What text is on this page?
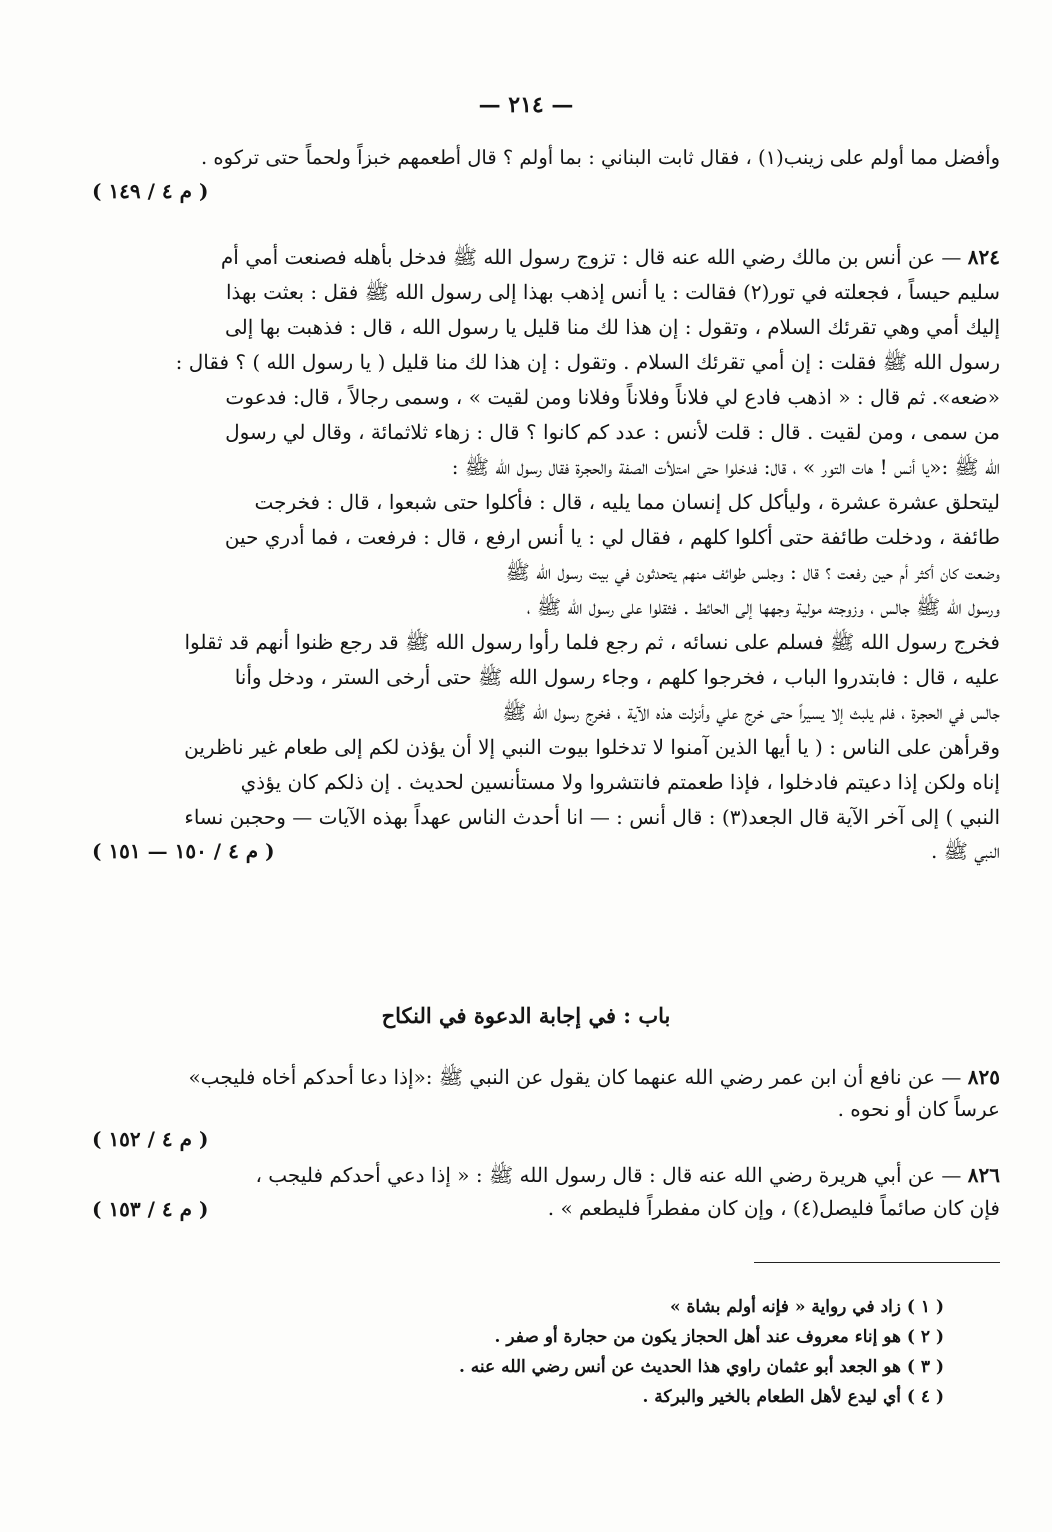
— ٢١٤ —
وأفضل مما أولم على زينب(١) ، فقال ثابت البناني : بما أولم ؟ قال أطعمهم خبزاً ولحماً حتى تركوه .
( م ٤ / ١٤٩ )
٨٢٤ — عن أنس بن مالك رضي الله عنه قال : تزوج رسول الله ﷺ فدخل بأهله فصنعت أمي أم
سليم حيساً ، فجعلته في تور(٢) فقالت : يا أنس إذهب بهذا إلى رسول الله ﷺ فقل : بعثت بهذا
إليك أمي وهي تقرئك السلام ، وتقول : إن هذا لك منا قليل يا رسول الله ، قال : فذهبت بها إلى
رسول الله ﷺ فقلت : إن أمي تقرئك السلام . وتقول : إن هذا لك منا قليل ( يا رسول الله ) ؟ فقال :
«ضعه». ثم قال : « اذهب فادع لي فلاناً وفلاناً وفلانا ومن لقيت » ، وسمى رجالاً ، قال: فدعوت
من سمى ، ومن لقيت . قال : قلت لأنس : عدد كم كانوا ؟ قال : زهاء ثلاثمائة ، وقال لي رسول
الله ﷺ :«يا أنس ! هات التور » ، قال: فدخلوا حتى امتلأت الصفة والحجرة فقال رسول الله ﷺ :
ليتحلق عشرة عشرة ، وليأكل كل إنسان مما يليه ، قال : فأكلوا حتى شبعوا ، قال : فخرجت
طائفة ، ودخلت طائفة حتى أكلوا كلهم ، فقال لي : يا أنس ارفع ، قال : فرفعت ، فما أدري حين
وضعت كان أكثر أم حين رفعت ؟ قال : وجلس طوائف منهم يتحدثون في بيت رسول الله ﷺ
ورسول الله ﷺ جالس ، وزوجته مولية وجهها إلى الحائط . فثقلوا على رسول الله ﷺ ،
فخرج رسول الله ﷺ فسلم على نسائه ، ثم رجع فلما رأوا رسول الله ﷺ قد رجع ظنوا أنهم قد ثقلوا
عليه ، قال : فابتدروا الباب ، فخرجوا كلهم ، وجاء رسول الله ﷺ حتى أرخى الستر ، ودخل وأنا
جالس في الحجرة ، فلم يلبث إلا يسيراً حتى خرج علي وأنزلت هذه الآية ، فخرج رسول الله ﷺ
وقرأهن على الناس : ( يا أيها الذين آمنوا لا تدخلوا بيوت النبي إلا أن يؤذن لكم إلى طعام غير ناظرين
إناه ولكن إذا دعيتم فادخلوا ، فإذا طعمتم فانتشروا ولا مستأنسين لحديث . إن ذلكم كان يؤذي
النبي ) إلى آخر الآية قال الجعد(٣) : قال أنس : — انا أحدث الناس عهداً بهذه الآيات — وحجبن نساء
النبي ﷺ .
( م ٤ / ١٥٠ — ١٥١ )
باب : في إجابة الدعوة في النكاح
٨٢٥ — عن نافع أن ابن عمر رضي الله عنهما كان يقول عن النبي ﷺ :«إذا دعا أحدكم أخاه فليجب»
عرساً كان أو نحوه .
( م ٤ / ١٥٢ )
٨٢٦ — عن أبي هريرة رضي الله عنه قال : قال رسول الله ﷺ : « إذا دعي أحدكم فليجب ،
فإن كان صائماً فليصل(٤) ، وإن كان مفطراً فليطعم » .
( م ٤ / ١٥٣ )
( ١ ) زاد في رواية « فإنه أولم بشاة »
( ٢ ) هو إناء معروف عند أهل الحجاز يكون من حجارة أو صفر .
( ٣ ) هو الجعد أبو عثمان راوي هذا الحديث عن أنس رضي الله عنه .
( ٤ ) أي ليدع لأهل الطعام بالخير والبركة .
